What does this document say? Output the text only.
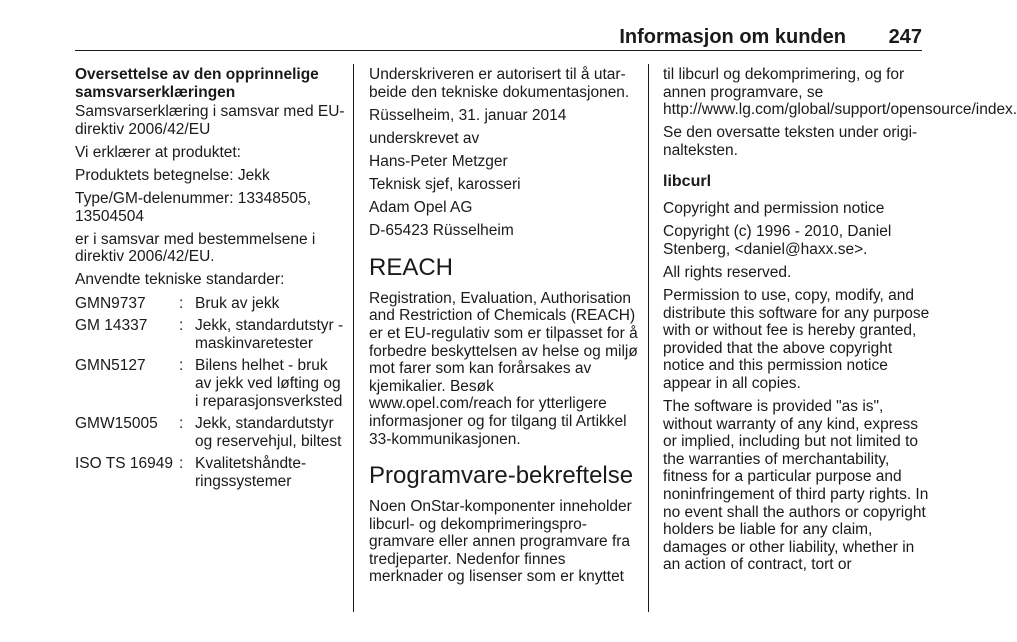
Informasjon om kunden 247
Oversettelse av den opprinnelige samsvarserklæringen

Samsvarserklæring i samsvar med EU-direktiv 2006/42/EU

Vi erklærer at produktet:

Produktets betegnelse: Jekk

Type/GM-delenummer: 13348505, 13504504

er i samsvar med bestemmelsene i direktiv 2006/42/EU.

Anvendte tekniske standarder:

GMN9737	:	Bruk av jekk
GM 14337	:	Jekk, standardutstyr - maskinvaretester
GMN5127	:	Bilens helhet - bruk av jekk ved løfting og i reparasjonsverksted
GMW15005	:	Jekk, standardutstyr og reservehjul, biltest
ISO TS 16949	:	Kvalitetshåndteringssystemer

Underskriveren er autorisert til å utarbeide den tekniske dokumentasjonen.

Rüsselheim, 31. januar 2014

underskrevet av

Hans-Peter Metzger

Teknisk sjef, karosseri

Adam Opel AG

D-65423 Rüsselheim

REACH

Registration, Evaluation, Authorisation and Restriction of Chemicals (REACH) er et EU-regulativ som er tilpasset for å forbedre beskyttelsen av helse og miljø mot farer som kan forårsakes av kjemikalier. Besøk www.opel.com/reach for ytterligere informasjoner og for tilgang til Artikkel 33-kommunikasjonen.

Programvare-bekreftelse

Noen OnStar-komponenter inneholder libcurl- og dekomprimeringsprogramvare eller annen programvare fra tredjeparter. Nedenfor finnes merknader og lisenser som er knyttet

til libcurl og dekomprimering, og for annen programvare, se http://www.lg.com/global/support/opensource/index.

Se den oversatte teksten under originalteksten.

libcurl

Copyright and permission notice

Copyright (c) 1996 - 2010, Daniel Stenberg, <daniel@haxx.se>.

All rights reserved.

Permission to use, copy, modify, and distribute this software for any purpose with or without fee is hereby granted, provided that the above copyright notice and this permission notice appear in all copies.

The software is provided "as is", without warranty of any kind, express or implied, including but not limited to the warranties of merchantability, fitness for a particular purpose and noninfringement of third party rights. In no event shall the authors or copyright holders be liable for any claim, damages or other liability, whether in an action of contract, tort or
